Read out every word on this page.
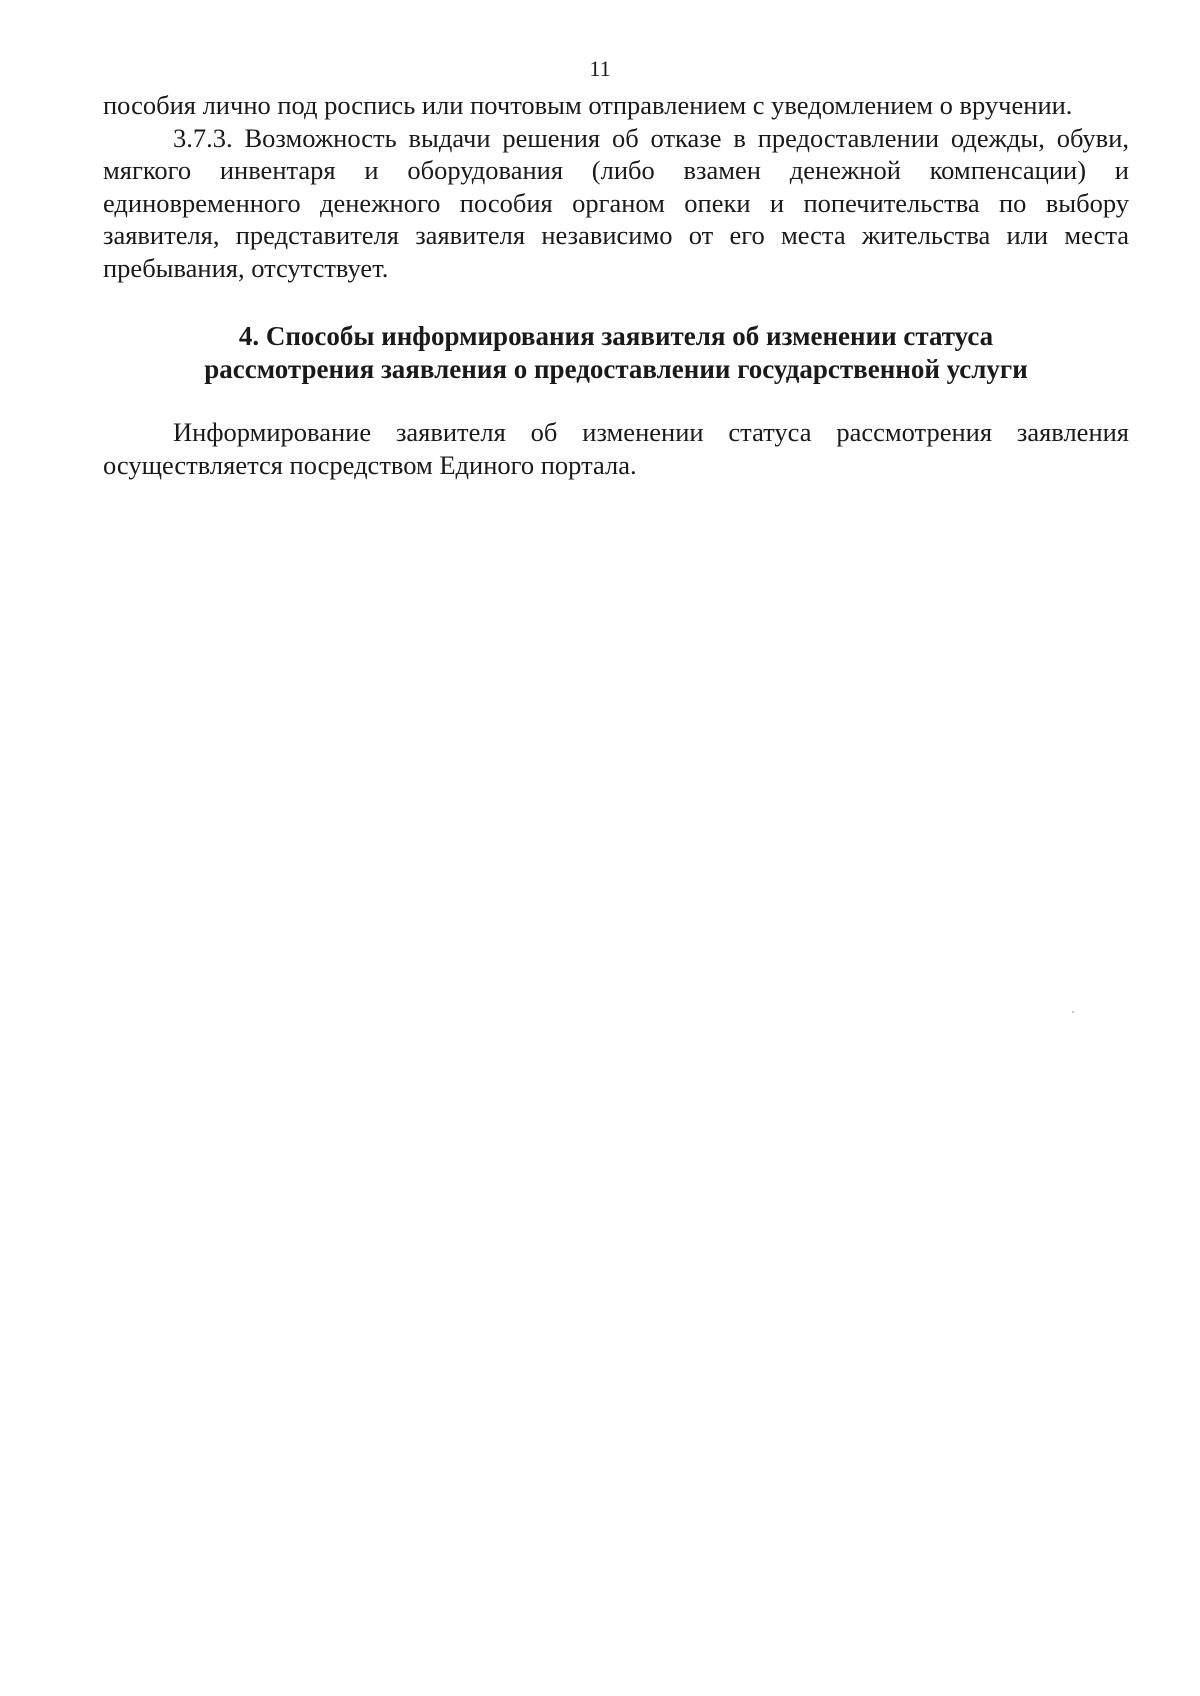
11

пособия лично под роспись или почтовым отправлением с уведомлением о вручении.

3.7.3. Возможность выдачи решения об отказе в предоставлении одежды, обуви, мягкого инвентаря и оборудования (либо взамен денежной компенсации) и единовременного денежного пособия органом опеки и попечительства по выбору заявителя, представителя заявителя независимо от его места жительства или места пребывания, отсутствует.

4. Способы информирования заявителя об изменении статуса
рассмотрения заявления о предоставлении государственной услуги

Информирование заявителя об изменении статуса рассмотрения заявления осуществляется посредством Единого портала.
